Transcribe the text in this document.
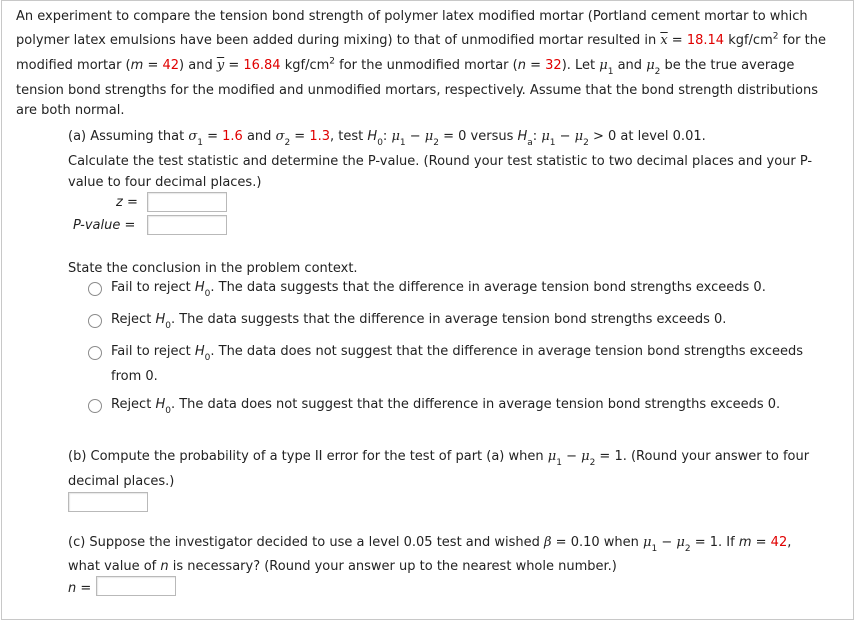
An experiment to compare the tension bond strength of polymer latex modified mortar (Portland cement mortar to which
polymer latex emulsions have been added during mixing) to that of unmodified mortar resulted in $\overline{x} = 18.14$ kgf/$cm^2$ for the
modified mortar (m = 42) and $\overline{y} = 16.84$ kgf/$cm^2$ for the unmodified mortar (n = 32). Let $\mu_1$ and $\mu_2$ be the true average
tension bond strengths for the modified and unmodified mortars, respectively. Assume that the bond strength distributions
are both normal.
(a) Assuming that $\sigma_1 = 1.6$ and $\sigma_2 = 1.3$, test $H_0$: $\mu_1 - \mu_2 = 0$ versus $H_a$: $\mu_1 - \mu_2 > 0$ at level 0.01.
Calculate the test statistic and determine the P-value. (Round your test statistic to two decimal places and your P-
value to four decimal places.)
z =
P-value =
State the conclusion in the problem context.
Fail to reject $H_0$. The data suggests that the difference in average tension bond strengths exceeds 0.
Reject $H_0$. The data suggests that the difference in average tension bond strengths exceeds 0.
Fail to reject $H_0$. The data does not suggest that the difference in average tension bond strengths exceeds
from 0.
Reject $H_0$. The data does not suggest that the difference in average tension bond strengths exceeds 0.
(b) Compute the probability of a type II error for the test of part (a) when $\mu_1 - \mu_2 = 1$. (Round your answer to four
decimal places.)
(c) Suppose the investigator decided to use a level 0.05 test and wished β = 0.10 when $\mu_1 - \mu_2 = 1$. If m = 42,
what value of n is necessary? (Round your answer up to the nearest whole number.)
n =
